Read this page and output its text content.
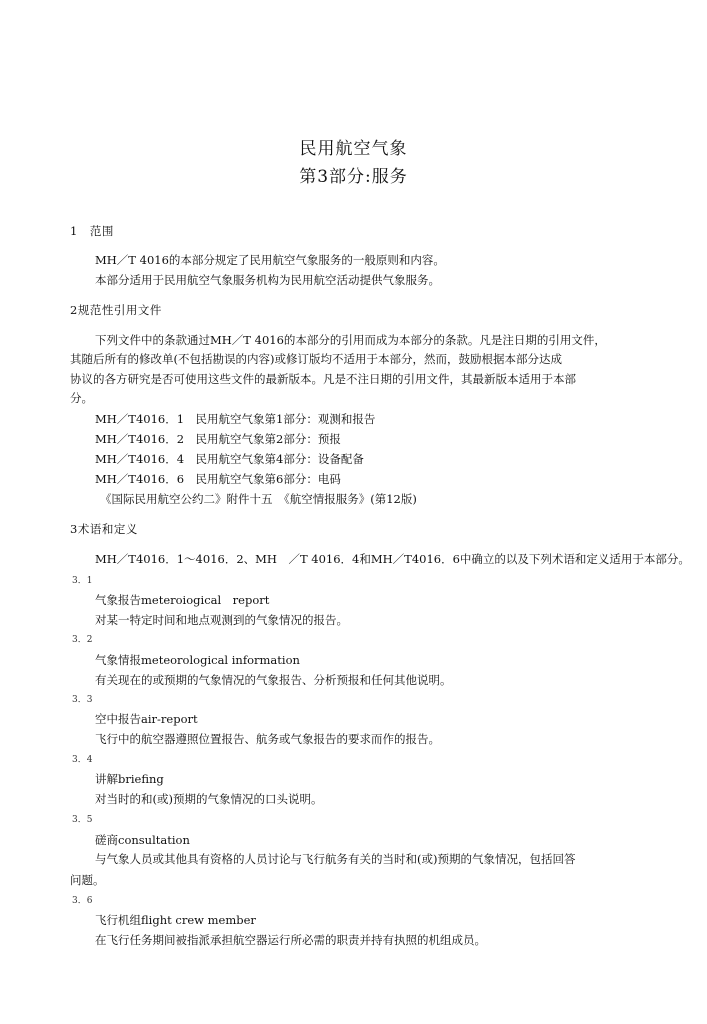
民用航空气象
第3部分:服务
1　范围
MH／T 4016的本部分规定了民用航空气象服务的一般原则和内容。
本部分适用于民用航空气象服务机构为民用航空活动提供气象服务。
2规范性引用文件
下列文件中的条款通过MH／T 4016的本部分的引用而成为本部分的条款。凡是注日期的引用文件，
其随后所有的修改单(不包括勘误的内容)或修订版均不适用于本部分，然而，鼓励根据本部分达成
协议的各方研究是否可使用这些文件的最新版本。凡是不注日期的引用文件，其最新版本适用于本部
分。
MH／T4016．1　民用航空气象第1部分：观测和报告
MH／T4016．2　民用航空气象第2部分：预报
MH／T4016．4　民用航空气象第4部分：设备配备
MH／T4016．6　民用航空气象第6部分：电码
《国际民用航空公约二》附件十五　《航空情报服务》(第12版)
3术语和定义
MH／T4016．1～4016．2、MH　／T 4016．4和MH／T4016．6中确立的以及下列术语和定义适用于本部分。
3．1
气象报告meteroiogical　report
对某一特定时间和地点观测到的气象情况的报告。
3．2
气象情报meteorological information
有关现在的或预期的气象情况的气象报告、分析预报和任何其他说明。
3．3
空中报告air-report
飞行中的航空器遵照位置报告、航务或气象报告的要求而作的报告。
3．4
讲解briefing
对当时的和(或)预期的气象情况的口头说明。
3．5
磋商consultation
与气象人员或其他具有资格的人员讨论与飞行航务有关的当时和(或)预期的气象情况，包括回答
问题。
3．6
飞行机组flight crew member
在飞行任务期间被指派承担航空器运行所必需的职责并持有执照的机组成员。
